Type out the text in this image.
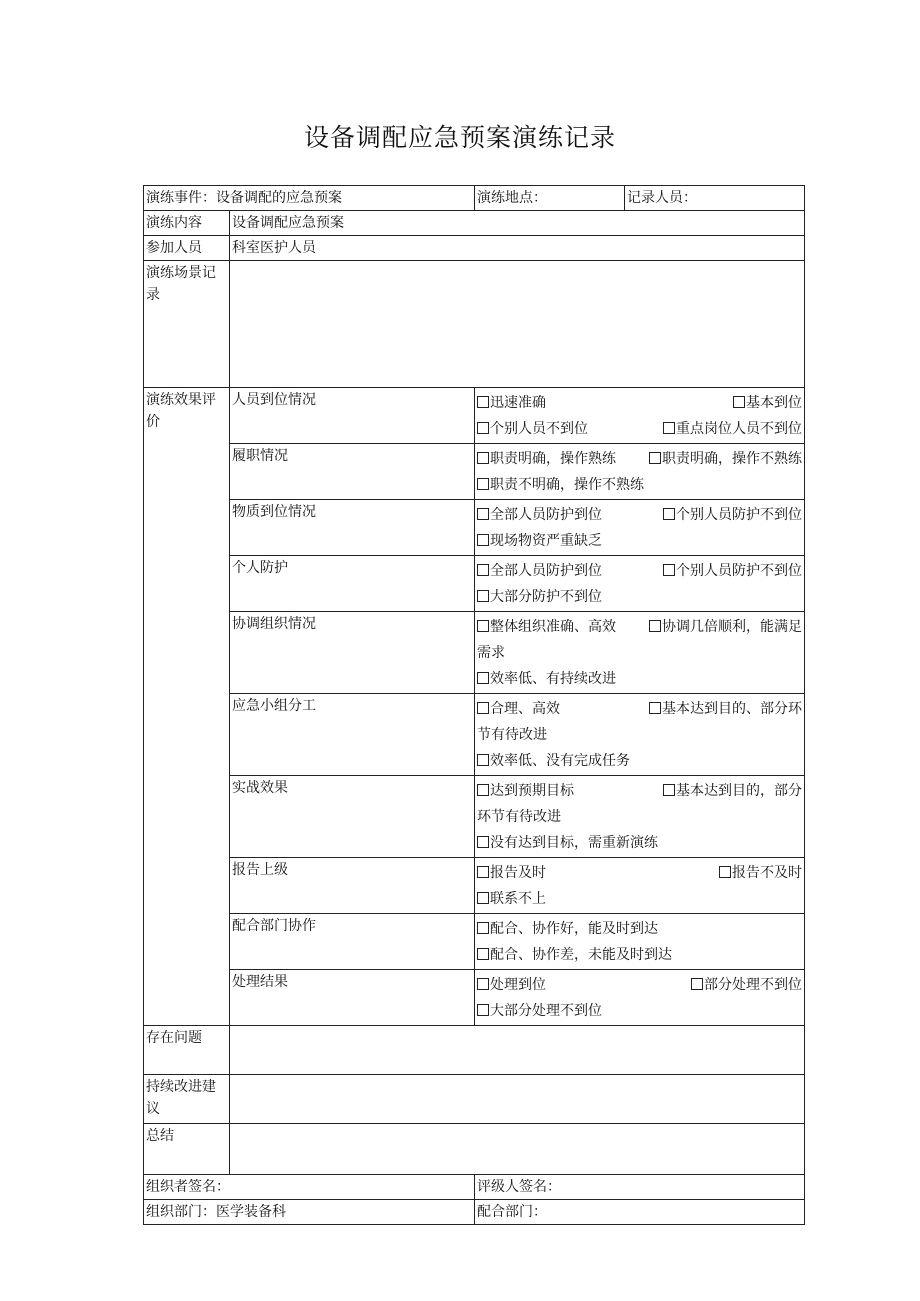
设备调配应急预案演练记录
演练事件：设备调配的应急预案		演练地点：	记录人员：
演练内容	设备调配应急预案		
参加人员	科室医护人员		
演练场景记录			
演练效果评价	人员到位情况	迅速准确 基本到位
个别人员不到位 重点岗位人员不到位	

	履职情况	职责明确，操作熟练 职责明确，操作不熟练
职责不明确，操作不熟练	

	物质到位情况	全部人员防护到位 个别人员防护不到位
现场物资严重缺乏	

	个人防护	全部人员防护到位 个别人员防护不到位
大部分防护不到位	

	协调组织情况	整体组织准确、高效 协调几倍顺利，能满足
需求
效率低、有持续改进	

	应急小组分工	合理、高效 基本达到目的、部分环
节有待改进
效率低、没有完成任务	

	实战效果	达到预期目标 基本达到目的，部分
环节有待改进
没有达到目标，需重新演练	

	报告上级	报告及时 报告不及时
联系不上	

	配合部门协作	配合、协作好，能及时到达
配合、协作差，未能及时到达	

	处理结果	处理到位 部分处理不到位
大部分处理不到位	

存在问题			
持续改进建议			
总结			
组织者签名：		评级人签名：	
组织部门：医学装备科		配合部门：	
